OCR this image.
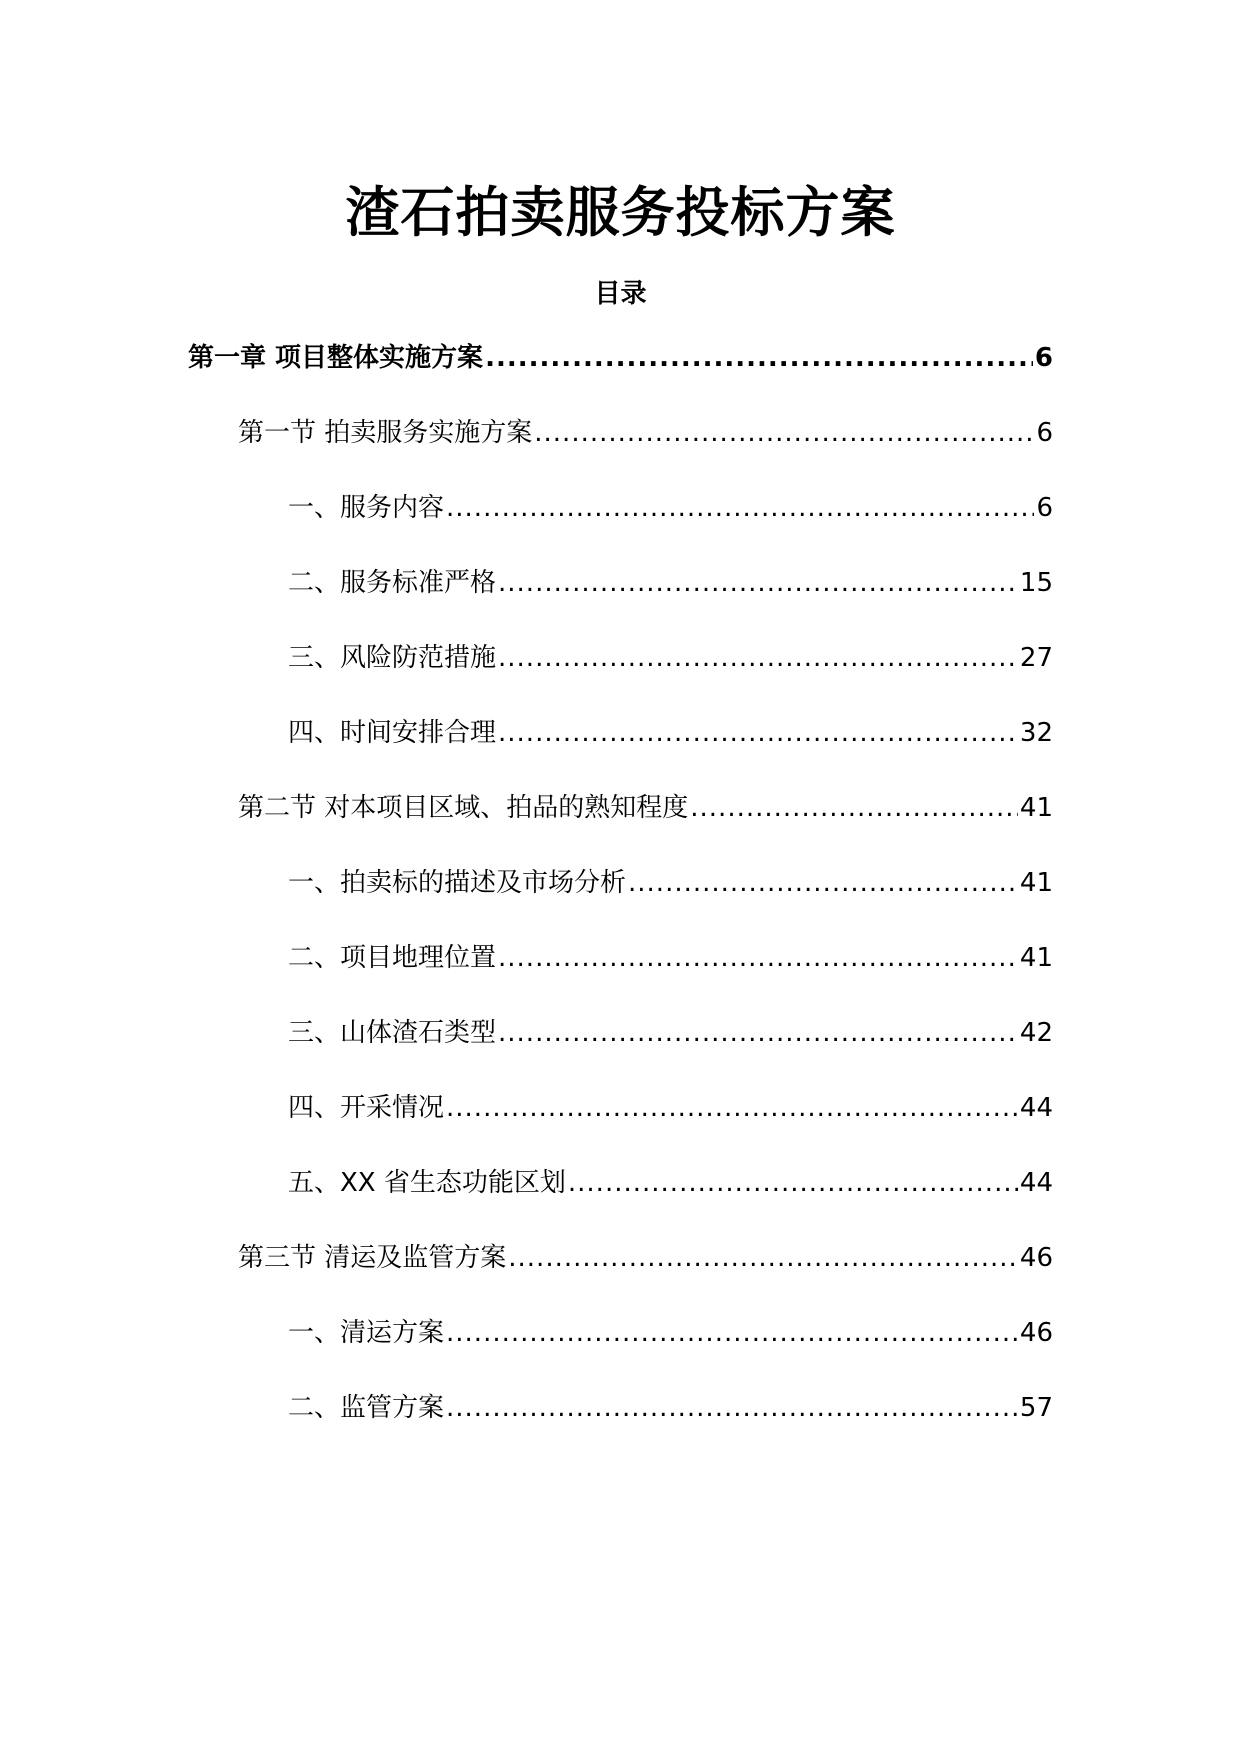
渣石拍卖服务投标方案
目录
第一章 项目整体实施方案 .....	6
第一节 拍卖服务实施方案 .....	6
一、服务内容 .....	6
二、服务标准严格 .....	15
三、风险防范措施 .....	27
四、时间安排合理 .....	32
第二节 对本项目区域、拍品的熟知程度 .....	41
一、拍卖标的描述及市场分析 .....	41
二、项目地理位置 .....	41
三、山体渣石类型 .....	42
四、开采情况 .....	44
五、XX 省生态功能区划 .....	44
第三节 清运及监管方案 .....	46
一、清运方案 .....	46
二、监管方案 .....	57
